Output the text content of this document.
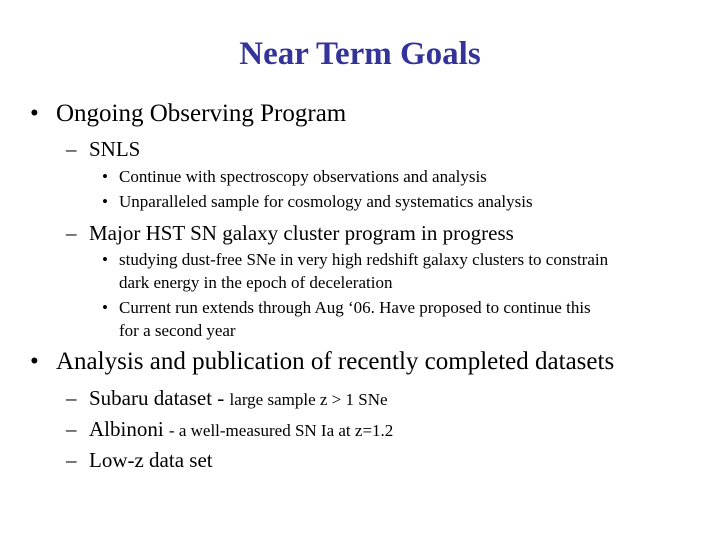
Near Term Goals
• Ongoing Observing Program
– SNLS
• Continue with spectroscopy observations and analysis
• Unparalleled sample for cosmology and systematics analysis
– Major HST SN galaxy cluster program in progress
• studying dust-free SNe in very high redshift galaxy clusters to constrain
dark energy in the epoch of deceleration
• Current run extends through Aug ‘06. Have proposed to continue this
for a second year
• Analysis and publication of recently completed datasets
– Subaru dataset - large sample z > 1 SNe
– Albinoni - a well-measured SN Ia at z=1.2
– Low-z data set
